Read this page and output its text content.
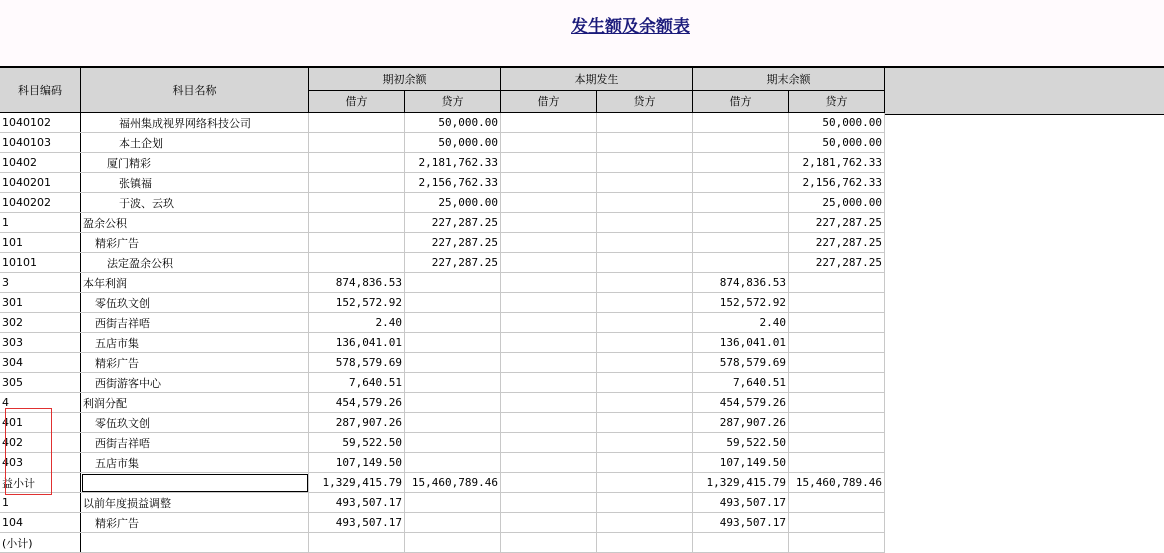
发生额及余额表
科目编码	科目名称	期初余额		本期发生		期末余额	
		借方	贷方	借方	贷方	借方	贷方
1040102	福州集成视界网络科技公司		50,000.00				50,000.00
1040103	本土企划		50,000.00				50,000.00
10402	厦门精彩		2,181,762.33				2,181,762.33
1040201	张镇福		2,156,762.33				2,156,762.33
1040202	于波、云玖		25,000.00				25,000.00
1	盈余公积		227,287.25				227,287.25
101	精彩广告		227,287.25				227,287.25
10101	法定盈余公积		227,287.25				227,287.25
3	本年利润	874,836.53				874,836.53	
301	零伍玖文创	152,572.92				152,572.92	
302	西街吉祥唔	2.40				2.40	
303	五店市集	136,041.01				136,041.01	
304	精彩广告	578,579.69				578,579.69	
305	西街游客中心	7,640.51				7,640.51	
4	利润分配	454,579.26				454,579.26	
401	零伍玖文创	287,907.26				287,907.26	
402	西街吉祥唔	59,522.50				59,522.50	
403	五店市集	107,149.50				107,149.50	
益小计		1,329,415.79	15,460,789.46			1,329,415.79	15,460,789.46
1	以前年度损益调整	493,507.17				493,507.17	
104	精彩广告	493,507.17				493,507.17	
(小计)							
